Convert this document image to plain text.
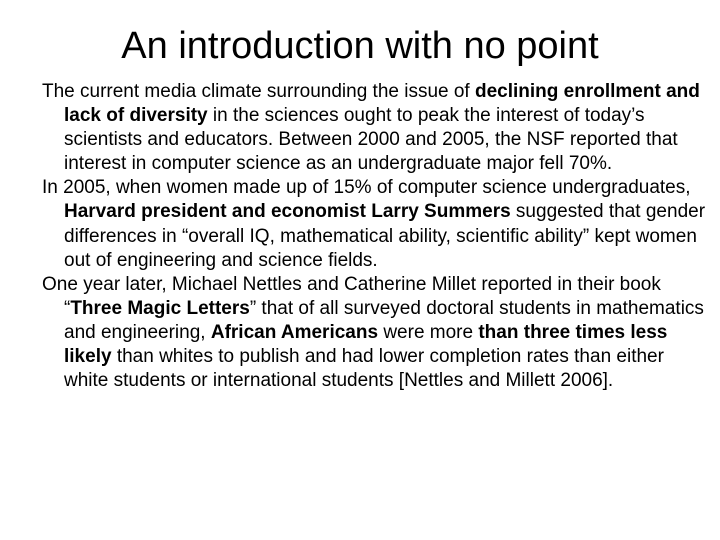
An introduction with no point

The current media climate surrounding the issue of declining enrollment and lack of diversity in the sciences ought to peak the interest of today’s scientists and educators. Between 2000 and 2005, the NSF reported that interest in computer science as an undergraduate major fell 70%.

In 2005, when women made up of 15% of computer science undergraduates, Harvard president and economist Larry Summers suggested that gender differences in “overall IQ, mathematical ability, scientific ability” kept women out of engineering and science fields.

One year later, Michael Nettles and Catherine Millet reported in their book “Three Magic Letters” that of all surveyed doctoral students in mathematics and engineering, African Americans were more than three times less likely than whites to publish and had lower completion rates than either white students or international students [Nettles and Millett 2006].
